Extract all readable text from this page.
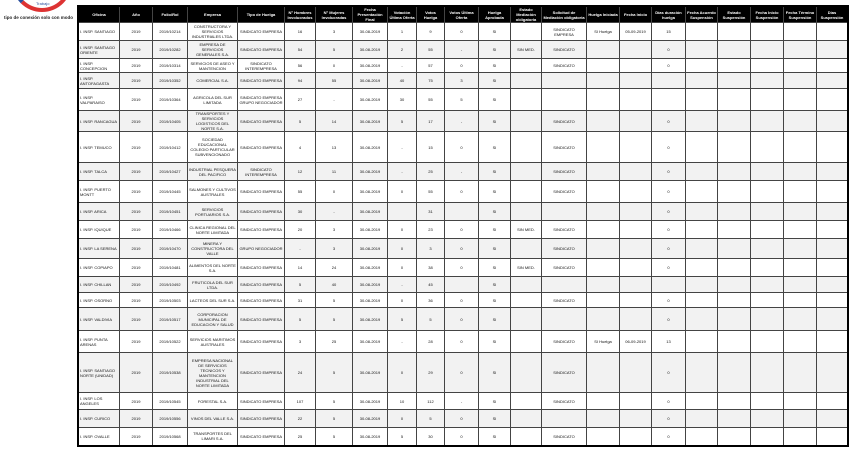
Trabajo
tipo de conexión solo con modo
Oficina	Año	Folio/Rol	Empresa	Tipo de Huelga	N° Hombres Involucrados	N° Mujeres Involucradas	Fecha Presentación Final	Votación Última Oferta	Votos Huelga	Votos Última Oferta	Huelga Aprobada	Estado Mediación obligatoria	Solicitud de Mediación obligatoria	Huelga Iniciada	Fecha Inicio	Días duración huelga	Fecha Acuerdo Suspensión	Estado Suspensión	Fecha Inicio Suspensión	Fecha Término Suspensión	Días Suspensión
I. INSP. SANTIAGO	2019	2019/10214	CONSTRUCTORA Y SERVICIOS INDUSTRIALES LTDA.	SINDICATO EMPRESA	16	3	30-08-2019	1	9	0	SI		SINDICATO EMPRESA	SI Huelga	05-09-2019	15					
I. INSP. SANTIAGO ORIENTE	2019	2019/10282	EMPRESA DE SERVICIOS GENERALES S.A.	SINDICATO EMPRESA	54	5	30-08-2019	2	55	-	SI	SIN MED.	SINDICATO			0					
I. INSP. CONCEPCION	2019	2019/10314	SERVICIOS DE ASEO Y MANTENCION	SINDICATO INTEREMPRESA	56	0	30-08-2019	-	57	0	SI		SINDICATO			0					
I. INSP. ANTOFAGASTA	2019	2019/10352	COMERCIAL S.A.	SINDICATO EMPRESA	94	55	30-08-2019	40	75	3	SI										
I. INSP. VALPARAISO	2019	2019/10364	AGRICOLA DEL SUR LIMITADA	SINDICATO EMPRESA GRUPO NEGOCIADOR	27	-	30-08-2019	30	55	5	SI										
I. INSP. RANCAGUA	2019	2019/10405	TRANSPORTES Y SERVICIOS LOGISTICOS DEL NORTE S.A.	SINDICATO EMPRESA	5	14	30-08-2019	5	17	-	SI		SINDICATO			0					
I. INSP. TEMUCO	2019	2019/10412	SOCIEDAD EDUCACIONAL COLEGIO PARTICULAR SUBVENCIONADO	SINDICATO EMPRESA	4	13	30-08-2019	-	15	0	SI		SINDICATO			0					
I. INSP. TALCA	2019	2019/10427	INDUSTRIAL PESQUERA DEL PACIFICO	SINDICATO INTEREMPRESA	12	11	30-08-2019	-	25	-	SI		SINDICATO			0					
I. INSP. PUERTO MONTT	2019	2019/10445	SALMONES Y CULTIVOS AUSTRALES	SINDICATO EMPRESA	55	0	30-08-2019	0	55	0	SI		SINDICATO			0					
I. INSP. ARICA	2019	2019/10451	SERVICIOS PORTUARIOS S.A.	SINDICATO EMPRESA	30	-	30-08-2019		31		SI					0					
I. INSP. IQUIQUE	2019	2019/10466	CLINICA REGIONAL DEL NORTE LIMITADA	SINDICATO EMPRESA	20	3	30-08-2019	0	23	0	SI	SIN MED.	SINDICATO			0					
I. INSP. LA SERENA	2019	2019/10470	MINERA Y CONSTRUCTORA DEL VALLE	GRUPO NEGOCIADOR	-	3	30-08-2019	0	3	0	SI		SINDICATO			0					
I. INSP. COPIAPO	2019	2019/10481	ALIMENTOS DEL NORTE S.A.	SINDICATO EMPRESA	14	24	30-08-2019	0	38	0	SI	SIN MED.	SINDICATO			0					
I. INSP. CHILLAN	2019	2019/10492	FRUTICOLA DEL SUR LTDA.	SINDICATO EMPRESA	5	40	30-08-2019	-	45		SI										
I. INSP. OSORNO	2019	2019/10503	LACTEOS DEL SUR S.A.	SINDICATO EMPRESA	31	5	30-08-2019	0	36	0	SI		SINDICATO			0					
I. INSP. VALDIVIA	2019	2019/10517	CORPORACION MUNICIPAL DE EDUCACION Y SALUD	SINDICATO EMPRESA	5	5	30-08-2019	5	5	0	SI					0					
I. INSP. PUNTA ARENAS	2019	2019/10522	SERVICIOS MARITIMOS AUSTRALES	SINDICATO EMPRESA	3	25	30-08-2019	-	28	0	SI		SINDICATO	SI Huelga	06-09-2019	13					
I. INSP. SANTIAGO NORTE (UNIDAD)	2019	2019/10538	EMPRESA NACIONAL DE SERVICIOS TECNICOS Y MANTENCION INDUSTRIAL DEL NORTE LIMITADA	SINDICATO EMPRESA	24	5	30-08-2019	0	29	0	SI		SINDICATO			0					
I. INSP. LOS ANGELES	2019	2019/10545	FORESTAL S.A.	SINDICATO EMPRESA	107	5	30-08-2019	10	112	-	SI		SINDICATO			0					
I. INSP. CURICO	2019	2019/10556	VINOS DEL VALLE S.A.	SINDICATO EMPRESA	22	5	30-08-2019	0	5	0	SI					0					
I. INSP. OVALLE	2019	2019/10568	TRANSPORTES DEL LIMARI S.A.	SINDICATO EMPRESA	25	5	30-08-2019	5	30	0	SI		SINDICATO			0					
